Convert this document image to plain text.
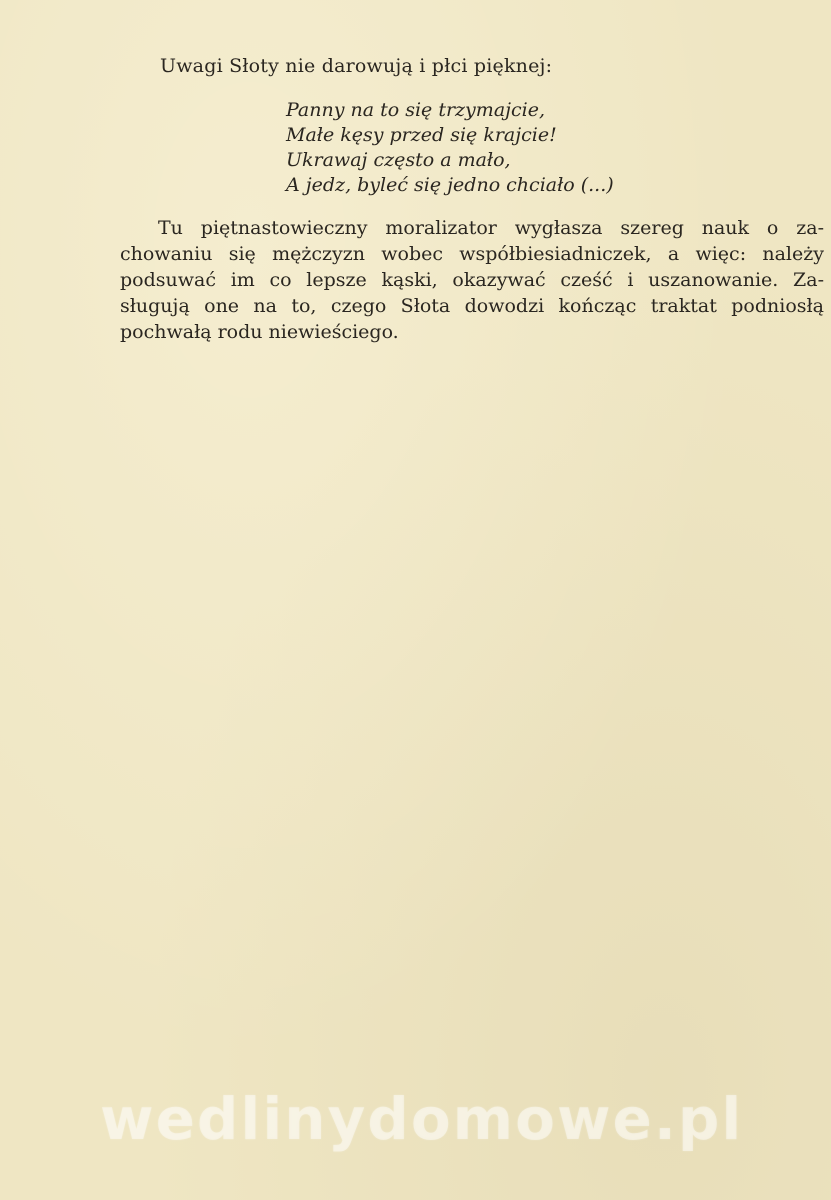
Uwagi Słoty nie darowują i płci pięknej:
Panny na to się trzymajcie,
Małe kęsy przed się krajcie!
Ukrawaj często a mało,
A jedz, byleć się jedno chciało (...)
Tu piętnastowieczny moralizator wygłasza szereg nauk o za-
chowaniu się mężczyzn wobec współbiesiadniczek, a więc: należy
podsuwać im co lepsze kąski, okazywać cześć i uszanowanie. Za-
sługują one na to, czego Słota dowodzi kończąc traktat podniosłą
pochwałą rodu niewieściego.
wedlinydomowe.pl
